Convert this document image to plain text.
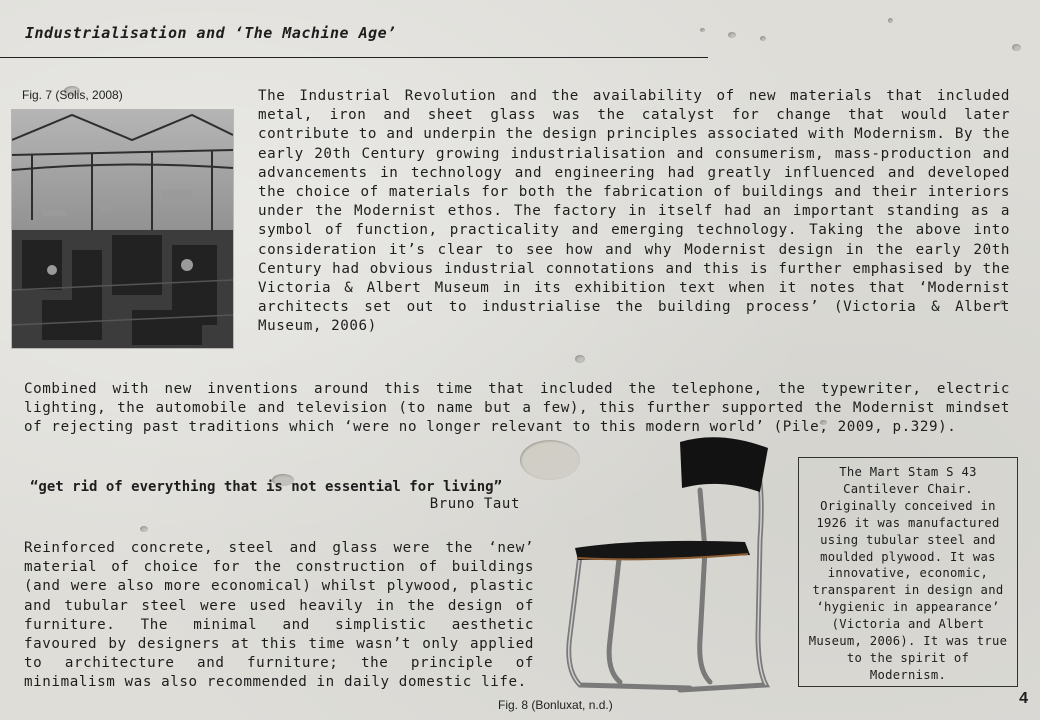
Industrialisation and ‘The Machine Age’
Fig. 7 (Solis, 2008)	The Industrial Revolution and the availability of new materials that included metal, iron and sheet glass was the catalyst for change that would later contribute to and underpin the design principles associated with Modernism. By the early 20th Century growing industrialisation and consumerism, mass-production and advancements in technology and engineering had greatly influenced and developed the choice of materials for both the fabrication of buildings and their interiors under the Modernist ethos. The factory in itself had an important standing as a symbol of function, practicality and emerging technology. Taking the above into consideration it’s clear to see how and why Modernist design in the early 20th Century had obvious industrial connotations and this is further emphasised by the Victoria & Albert Museum in its exhibition text when it notes that ‘Modernist architects set out to industrialise the building process’ (Victoria & Albert Museum, 2006)
Combined with new inventions around this time that included the telephone, the typewriter, electric lighting, the automobile and television (to name but a few), this further supported the Modernist mindset of rejecting past traditions which ‘were no longer relevant to this modern world’ (Pile, 2009, p.329).
“get rid of everything that is not essential for living”
Bruno Taut
Reinforced concrete, steel and glass were the ‘new’ material of choice for the construction of buildings (and were also more economical) whilst plywood, plastic and tubular steel were used heavily in the design of furniture. The minimal and simplistic aesthetic favoured by designers at this time wasn’t only applied to architecture and furniture; the principle of minimalism was also recommended in daily domestic life.
Fig. 8 (Bonluxat, n.d.)
The Mart Stam S 43 Cantilever Chair. Originally conceived in 1926 it was manufactured using tubular steel and moulded plywood. It was innovative, economic, transparent in design and ‘hygienic in appearance’ (Victoria and Albert Museum, 2006). It was true to the spirit of Modernism.
4
